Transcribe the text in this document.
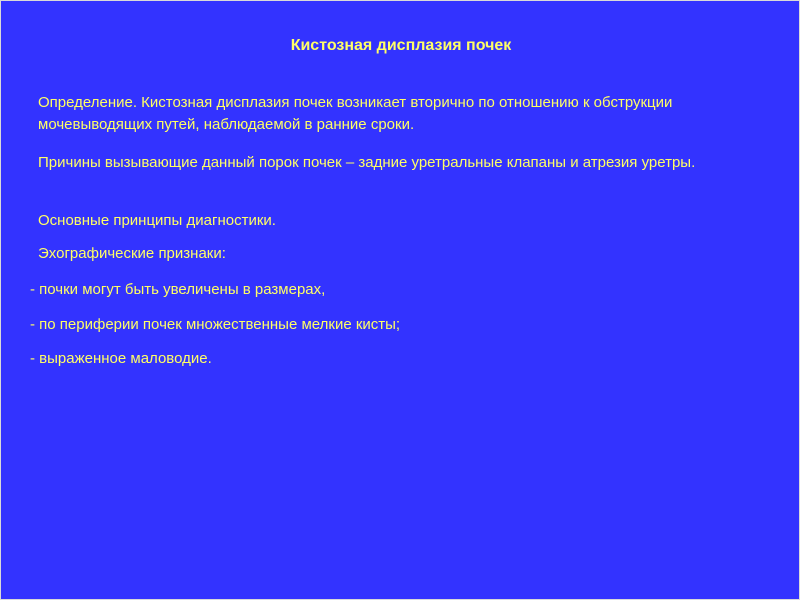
Кистозная дисплазия почек
Определение. Кистозная дисплазия почек возникает вторично по отношению к обструкции мочевыводящих путей, наблюдаемой в ранние сроки.
Причины вызывающие данный порок почек – задние уретральные клапаны и атрезия уретры.
Основные принципы диагностики.
Эхографические признаки:
- почки могут быть увеличены в размерах,
- по периферии почек множественные мелкие кисты;
- выраженное маловодие.
